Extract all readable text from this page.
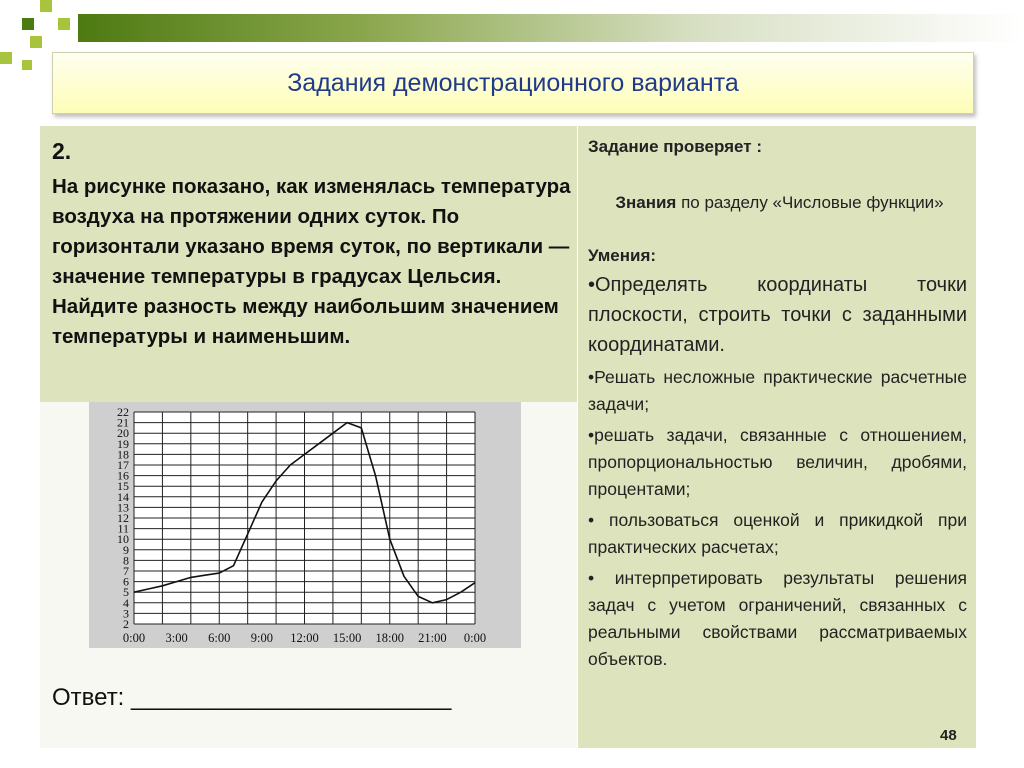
Задания демонстрационного варианта
2.
На рисунке показано, как изменялась температура воздуха на протяжении одних суток. По горизонтали указано время суток, по вертикали — значение температуры в градусах Цельсия. Найдите разность между наибольшим значением температуры и наименьшим.
2
3
4
5
6
7
8
9
10
11
12
13
14
15
16
17
18
19
20
21
22
0:00 3:00 6:00 9:00 12:00 15:00 18:00 21:00 0:00
Ответ: ________________________
Задание проверяет :
Знания по разделу «Числовые функции»
Умения:
•Определять координаты точки плоскости, строить точки с заданными координатами.
•Решать несложные практические расчетные задачи;
•решать задачи, связанные с отношением, пропорциональностью величин, дробями, процентами;
• пользоваться оценкой и прикидкой при практических расчетах;
• интерпретировать результаты решения задач с учетом ограничений, связанных с реальными свойствами рассматриваемых объектов.
48
